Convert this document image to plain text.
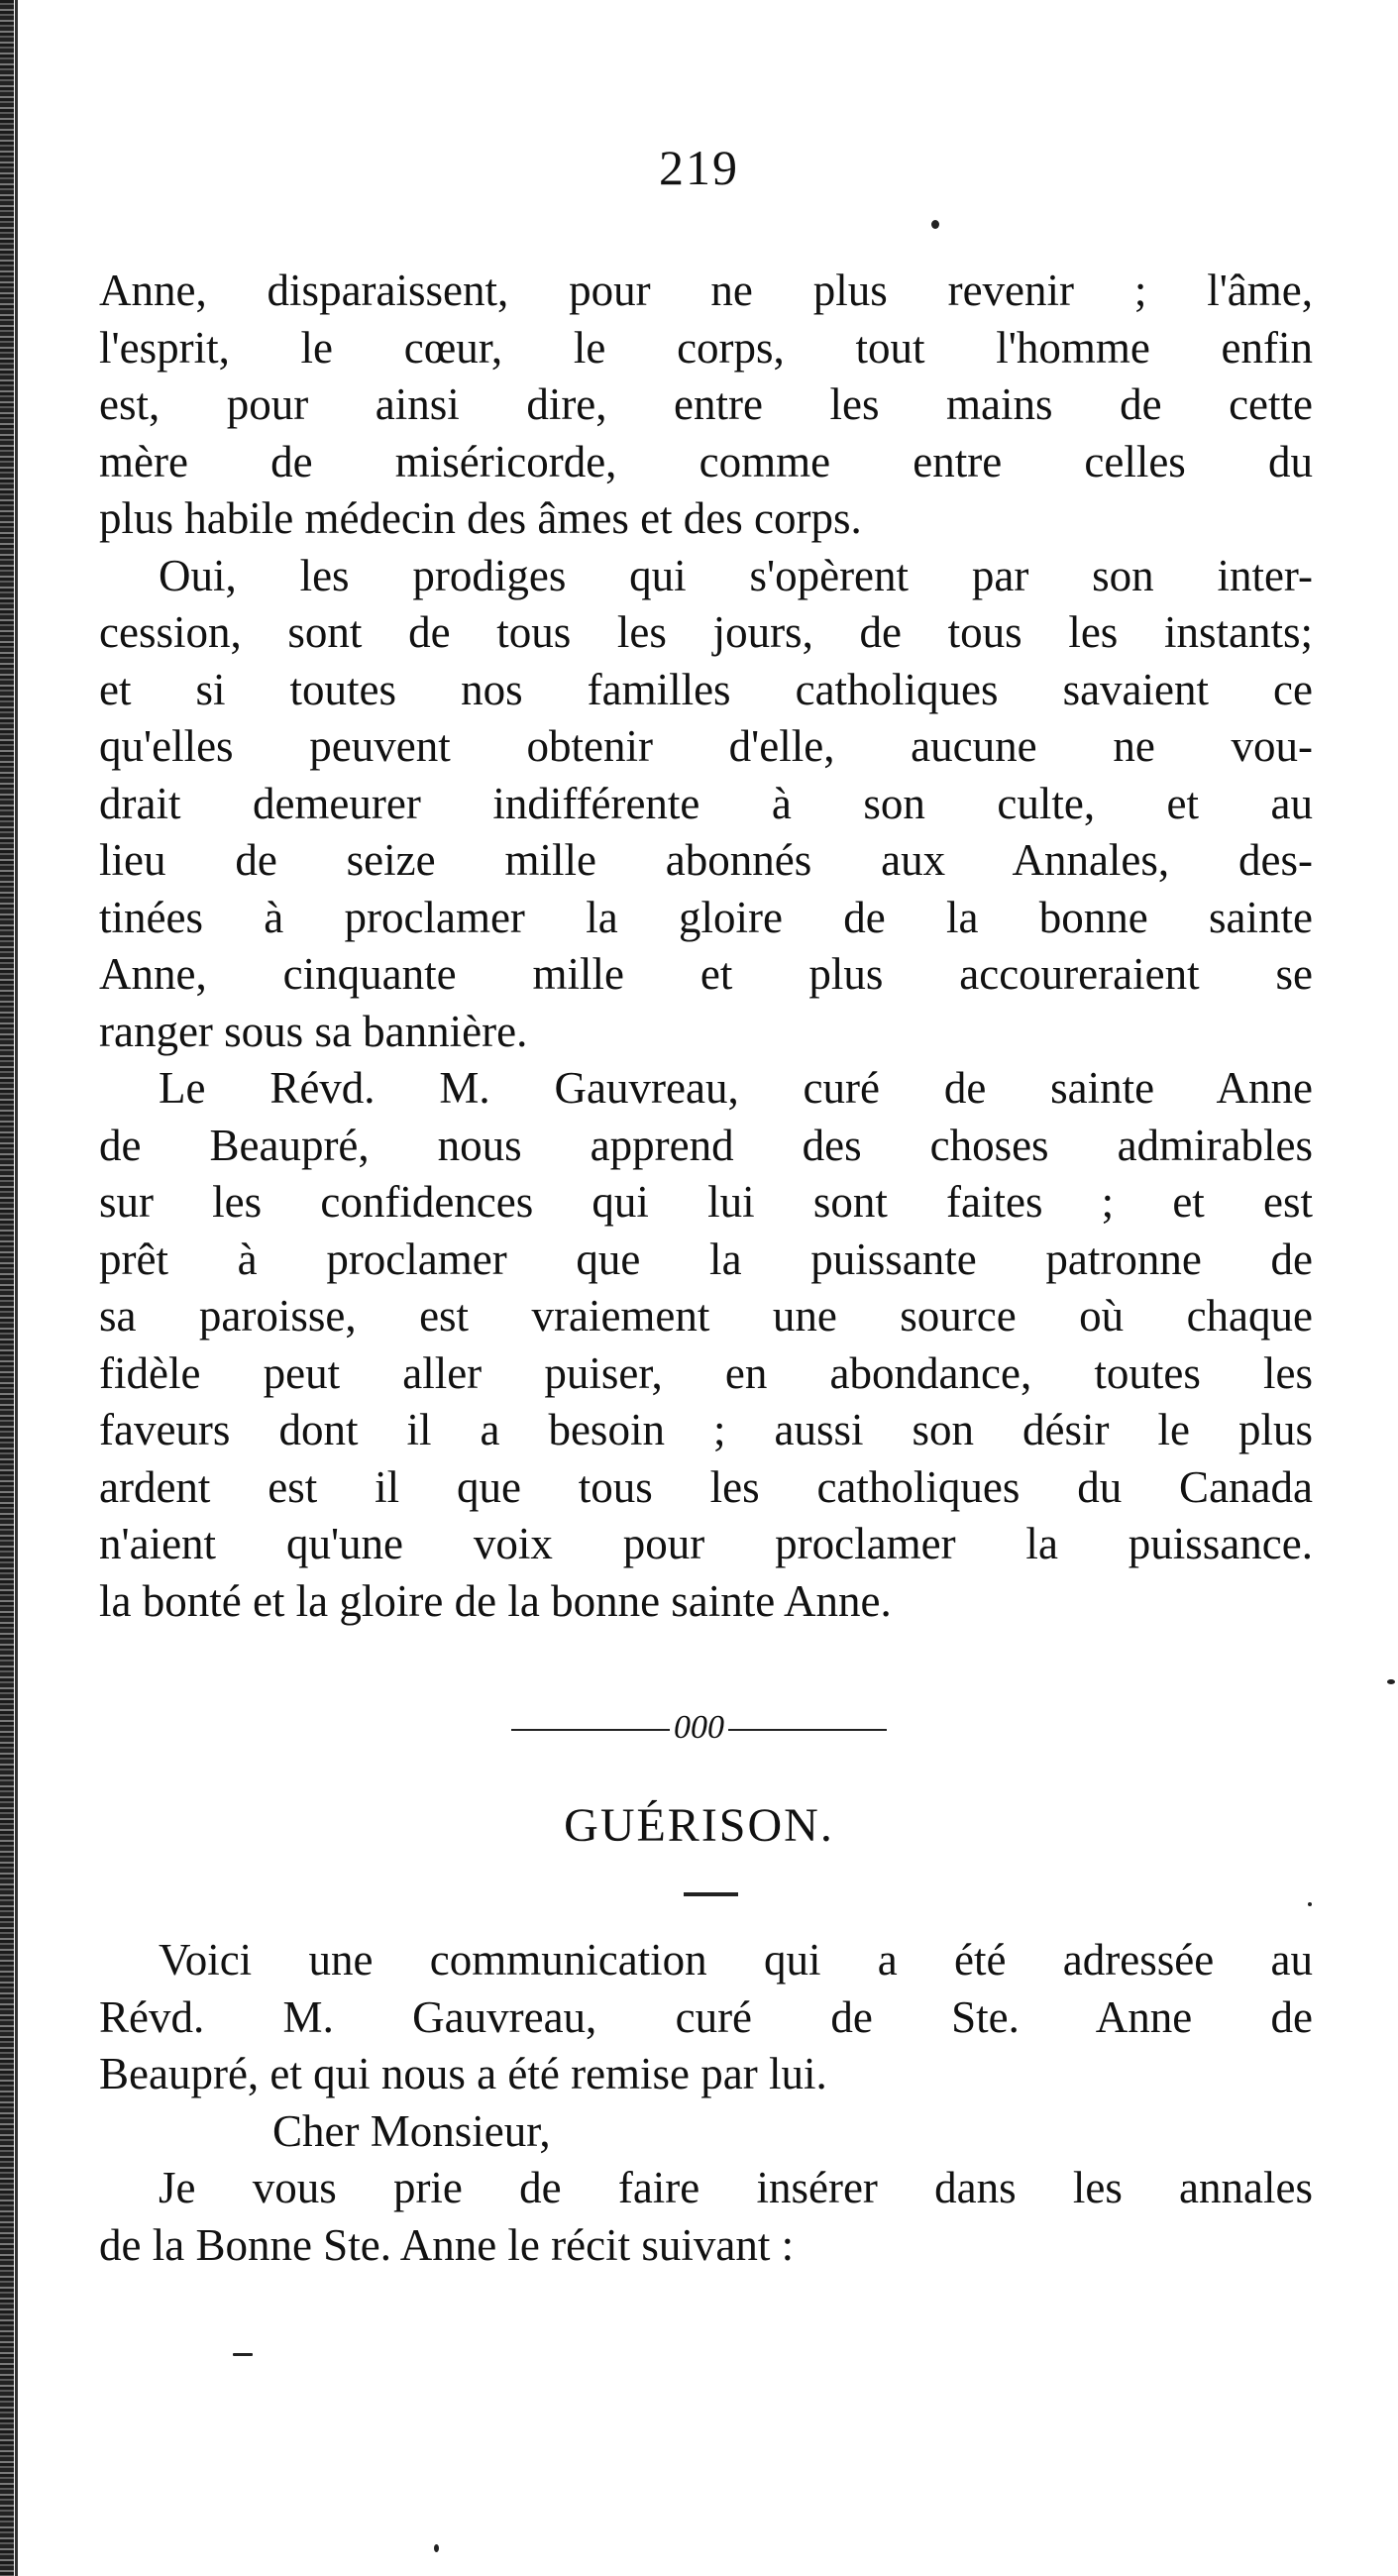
219
Anne, disparaissent, pour ne plus revenir ; l'âme,
l'esprit, le cœur, le corps, tout l'homme enfin
est, pour ainsi dire, entre les mains de cette
mère de miséricorde, comme entre celles du
plus habile médecin des âmes et des corps.
Oui, les prodiges qui s'opèrent par son inter-
cession, sont de tous les jours, de tous les instants;
et si toutes nos familles catholiques savaient ce
qu'elles peuvent obtenir d'elle, aucune ne vou-
drait demeurer indifférente à son culte, et au
lieu de seize mille abonnés aux Annales, des-
tinées à proclamer la gloire de la bonne sainte
Anne, cinquante mille et plus accoureraient se
ranger sous sa bannière.
Le Révd. M. Gauvreau, curé de sainte Anne
de Beaupré, nous apprend des choses admirables
sur les confidences qui lui sont faites ; et est
prêt à proclamer que la puissante patronne de
sa paroisse, est vraiement une source où chaque
fidèle peut aller puiser, en abondance, toutes les
faveurs dont il a besoin ; aussi son désir le plus
ardent est il que tous les catholiques du Canada
n'aient qu'une voix pour proclamer la puissance.
la bonté et la gloire de la bonne sainte Anne.
000
GUÉRISON.
Voici une communication qui a été adressée au
Révd. M. Gauvreau, curé de Ste. Anne de
Beaupré, et qui nous a été remise par lui.
Cher Monsieur,
Je vous prie de faire insérer dans les annales
de la Bonne Ste. Anne le récit suivant :
